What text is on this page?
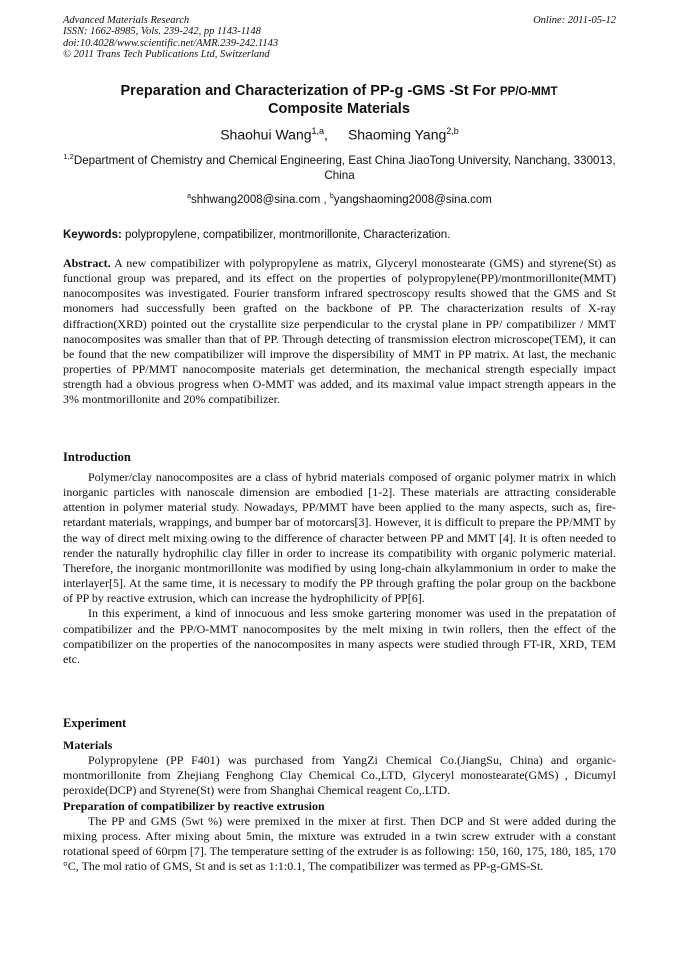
Advanced Materials Research
ISSN: 1662-8985, Vols. 239-242, pp 1143-1148
doi:10.4028/www.scientific.net/AMR.239-242.1143
© 2011 Trans Tech Publications Ltd, Switzerland
Online: 2011-05-12
Preparation and Characterization of PP-g -GMS -St For PP/O-MMT
Composite Materials
Shaohui Wang$^{1,a}$, Shaoming Yang$^{2,b}$
$^{1,2}$Department of Chemistry and Chemical Engineering, East China JiaoTong University, Nanchang, 330013, China
$^a$shhwang2008@sina.com , $^b$yangshaoming2008@sina.com
Keywords: polypropylene, compatibilizer, montmorillonite, Characterization.

Abstract. A new compatibilizer with polypropylene as matrix, Glyceryl monostearate (GMS) and styrene(St) as functional group was prepared, and its effect on the properties of polypropylene(PP)/montmorillonite(MMT) nanocomposites was investigated. Fourier transform infrared spectroscopy results showed that the GMS and St monomers had successfully been grafted on the backbone of PP. The characterization results of X-ray diffraction(XRD) pointed out the crystallite size perpendicular to the crystal plane in PP/ compatibilizer / MMT nanocomposites was smaller than that of PP. Through detecting of transmission electron microscope(TEM), it can be found that the new compatibilizer will improve the dispersibility of MMT in PP matrix. At last, the mechanic properties of PP/MMT nanocomposite materials get determination, the mechanical strength especially impact strength had a obvious progress when O-MMT was added, and its maximal value impact strength appears in the 3% montmorillonite and 20% compatibilizer.

Introduction

Polymer/clay nanocomposites are a class of hybrid materials composed of organic polymer matrix in which inorganic particles with nanoscale dimension are embodied [1-2]. These materials are attracting considerable attention in polymer material study. Nowadays, PP/MMT have been applied to the many aspects, such as, fire-retardant materials, wrappings, and bumper bar of motorcars[3]. However, it is difficult to prepare the PP/MMT by the way of direct melt mixing owing to the difference of character between PP and MMT [4]. It is often needed to render the naturally hydrophilic clay filler in order to increase its compatibility with organic polymeric material. Therefore, the inorganic montmorillonite was modified by using long-chain alkylammonium in order to make the interlayer[5]. At the same time, it is necessary to modify the PP through grafting the polar group on the backbone of PP by reactive extrusion, which can increase the hydrophilicity of PP[6].

In this experiment, a kind of innocuous and less smoke gartering monomer was used in the prepatation of compatibilizer and the PP/O-MMT nanocomposites by the melt mixing in twin rollers, then the effect of the compatibilizer on the properties of the nanocomposites in many aspects were studied through FT-IR, XRD, TEM etc.

Experiment
Materials

Polypropylene (PP F401) was purchased from YangZi Chemical Co.(JiangSu, China) and organic-montmorillonite from Zhejiang Fenghong Clay Chemical Co.,LTD, Glyceryl monostearate(GMS) , Dicumyl peroxide(DCP) and Styrene(St) were from Shanghai Chemical reagent Co,.LTD.

Preparation of compatibilizer by reactive extrusion

The PP and GMS (5wt %) were premixed in the mixer at first. Then DCP and St were added during the mixing process. After mixing about 5min, the mixture was extruded in a twin screw extruder with a constant rotational speed of 60rpm [7]. The temperature setting of the extruder is as following: 150, 160, 175, 180, 185, 170 °C, The mol ratio of GMS, St and is set as 1:1:0.1, The compatibilizer was termed as PP-g-GMS-St.
